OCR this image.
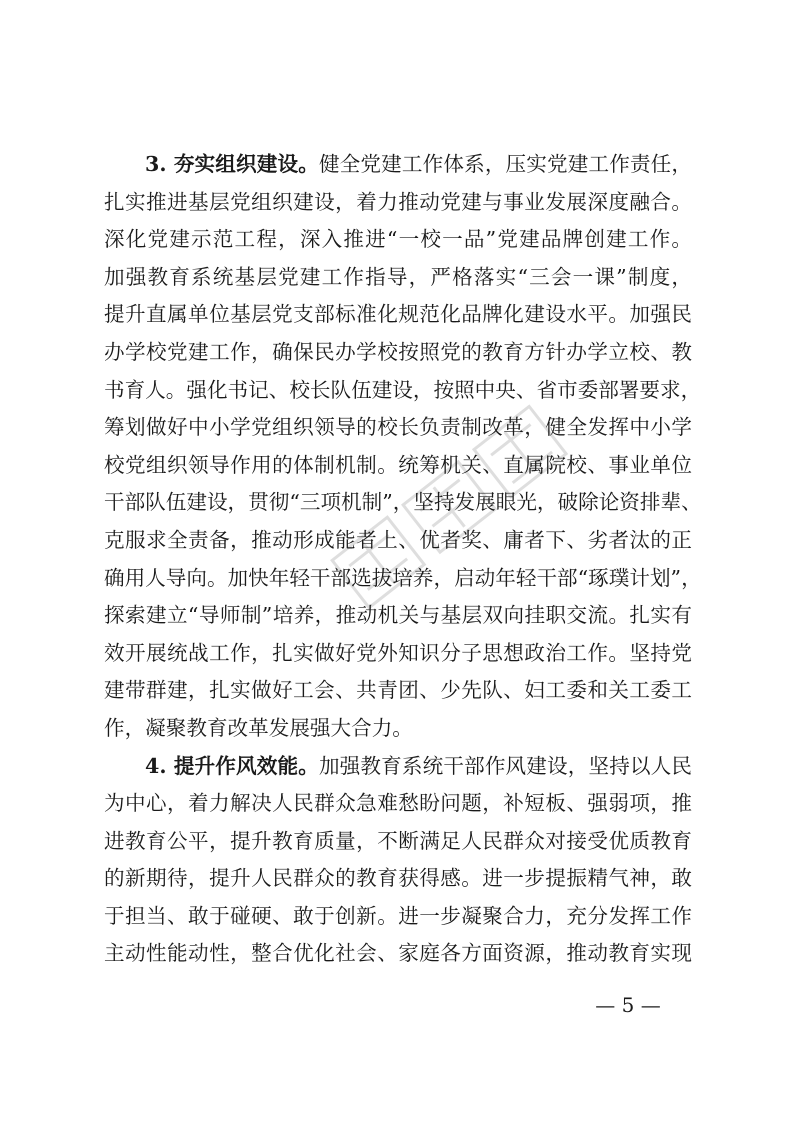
3. 夯实组织建设。健全党建工作体系，压实党建工作责任，
扎实推进基层党组织建设，着力推动党建与事业发展深度融合。
深化党建示范工程，深入推进“一校一品”党建品牌创建工作。
加强教育系统基层党建工作指导，严格落实“三会一课”制度，
提升直属单位基层党支部标准化规范化品牌化建设水平。加强民
办学校党建工作，确保民办学校按照党的教育方针办学立校、教
书育人。强化书记、校长队伍建设，按照中央、省市委部署要求，
筹划做好中小学党组织领导的校长负责制改革，健全发挥中小学
校党组织领导作用的体制机制。统筹机关、直属院校、事业单位
干部队伍建设，贯彻“三项机制”，坚持发展眼光，破除论资排辈、
克服求全责备，推动形成能者上、优者奖、庸者下、劣者汰的正
确用人导向。加快年轻干部选拔培养，启动年轻干部“琢璞计划”，
探索建立“导师制”培养，推动机关与基层双向挂职交流。扎实有
效开展统战工作，扎实做好党外知识分子思想政治工作。坚持党
建带群建，扎实做好工会、共青团、少先队、妇工委和关工委工
作，凝聚教育改革发展强大合力。
4. 提升作风效能。加强教育系统干部作风建设，坚持以人民
为中心，着力解决人民群众急难愁盼问题，补短板、强弱项，推
进教育公平，提升教育质量，不断满足人民群众对接受优质教育
的新期待，提升人民群众的教育获得感。进一步提振精气神，敢
于担当、敢于碰硬、敢于创新。进一步凝聚合力，充分发挥工作
主动性能动性，整合优化社会、家庭各方面资源，推动教育实现
— 5 —
